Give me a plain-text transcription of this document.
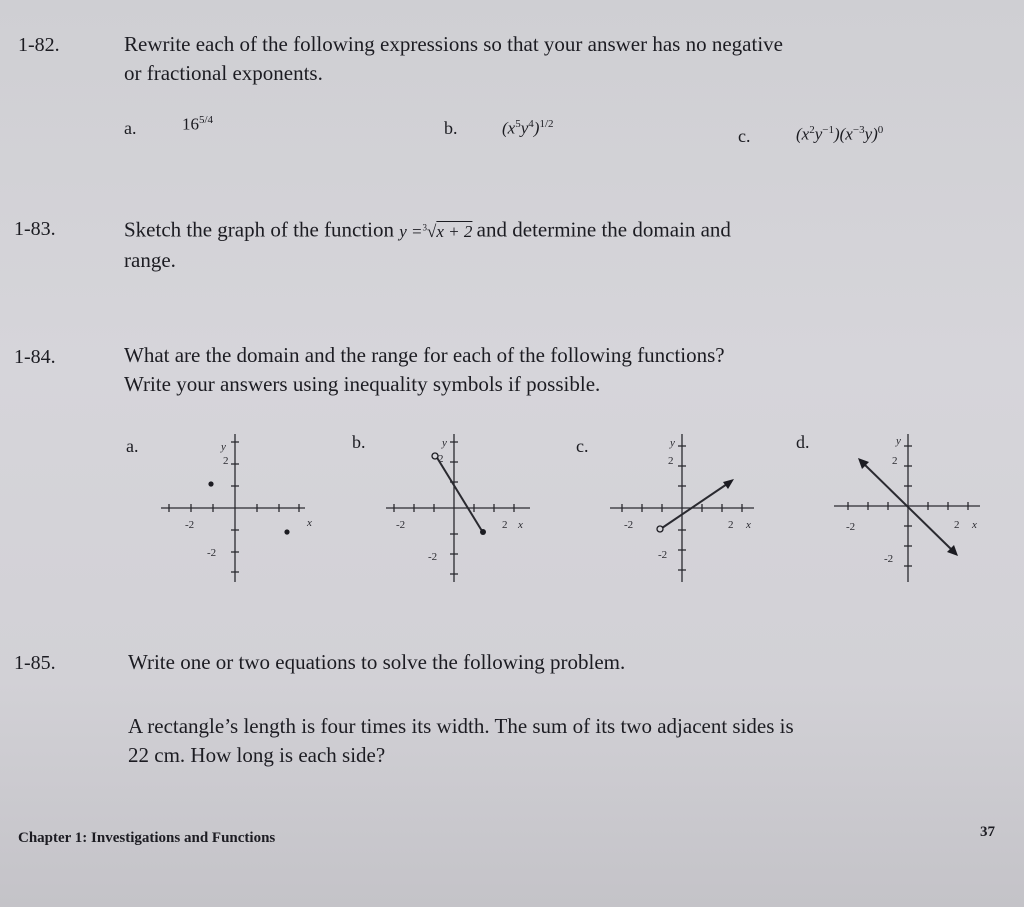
1-82.	Rewrite each of the following expressions so that your answer has no negative
or fractional exponents.
a.	$16^{5/4}$	b.	$(x^5y^4)^{1/2}$
c.	$(x^2y^{-1})(x^{-3}y)^0$
1-83.	Sketch the graph of the function y =$^3$√x + 2 and determine the domain and
range.
1-84.	What are the domain and the range for each of the following functions?
Write your answers using inequality symbols if possible.
a.	b.	c.	d.
y
2
-2
-2
x
y
2
-2	2 x
-2
y
2
-2	2 x
-2
y
2
-2	2 x
-2
1-85.	Write one or two equations to solve the following problem.
A rectangle’s length is four times its width. The sum of its two adjacent sides is
22 cm. How long is each side?
Chapter 1: Investigations and Functions	37
